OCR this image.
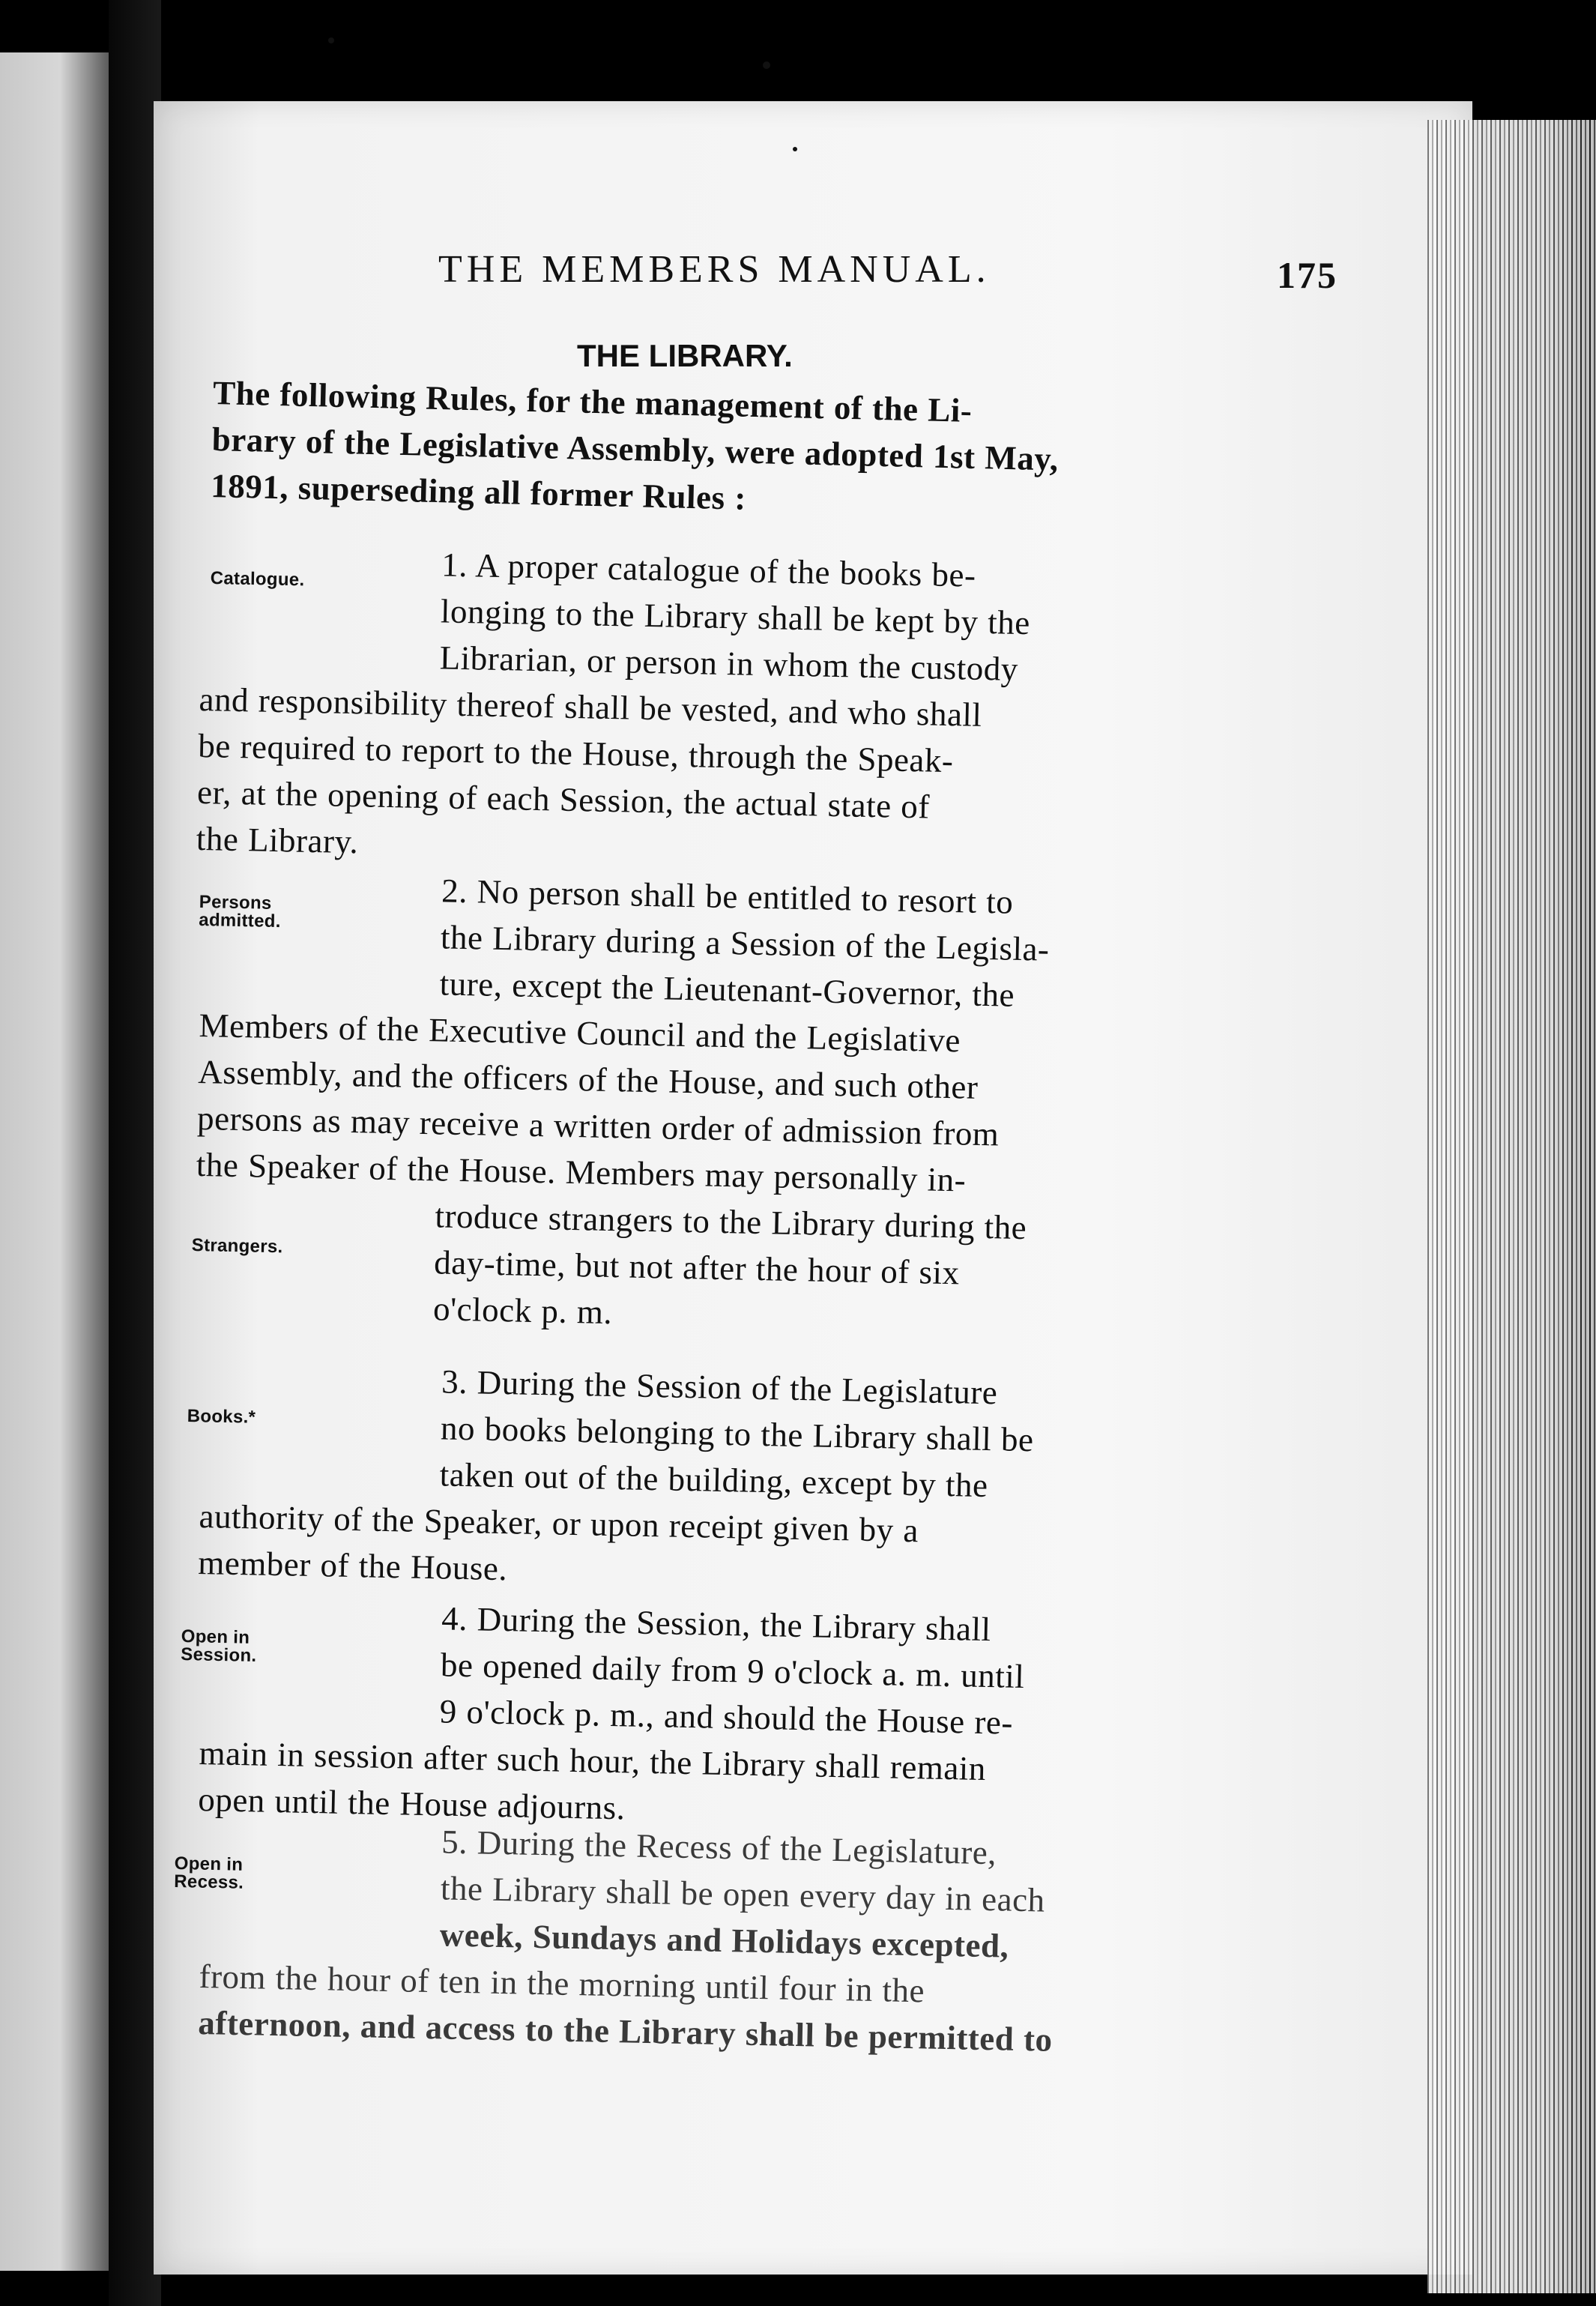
THE MEMBERS MANUAL.	175
THE LIBRARY.
The following Rules, for the management of the Li-
brary of the Legislative Assembly, were adopted 1st May,
1891, superseding all former Rules :
Catalogue.	1. A proper catalogue of the books be-
longing to the Library shall be kept by the
Librarian, or person in whom the custody
and responsibility thereof shall be vested, and who shall
be required to report to the House, through the Speak-
er, at the opening of each Session, the actual state of
the Library.
Persons
admitted.	2. No person shall be entitled to resort to
the Library during a Session of the Legisla-
ture, except the Lieutenant-Governor, the
Members of the Executive Council and the Legislative
Assembly, and the officers of the House, and such other
persons as may receive a written order of admission from
the Speaker of the House. Members may personally in-
troduce strangers to the Library during the
day-time, but not after the hour of six
o'clock p. m.
Strangers.
Books.*
3. During the Session of the Legislature
no books belonging to the Library shall be
taken out of the building, except by the
authority of the Speaker, or upon receipt given by a
member of the House.
Open in
Session.
4. During the Session, the Library shall
be opened daily from 9 o'clock a. m. until
9 o'clock p. m., and should the House re-
main in session after such hour, the Library shall remain
open until the House adjourns.
Open in
Recess.
5. During the Recess of the Legislature,
the Library shall be open every day in each
week, Sundays and Holidays excepted,
from the hour of ten in the morning until four in the
afternoon, and access to the Library shall be permitted to
